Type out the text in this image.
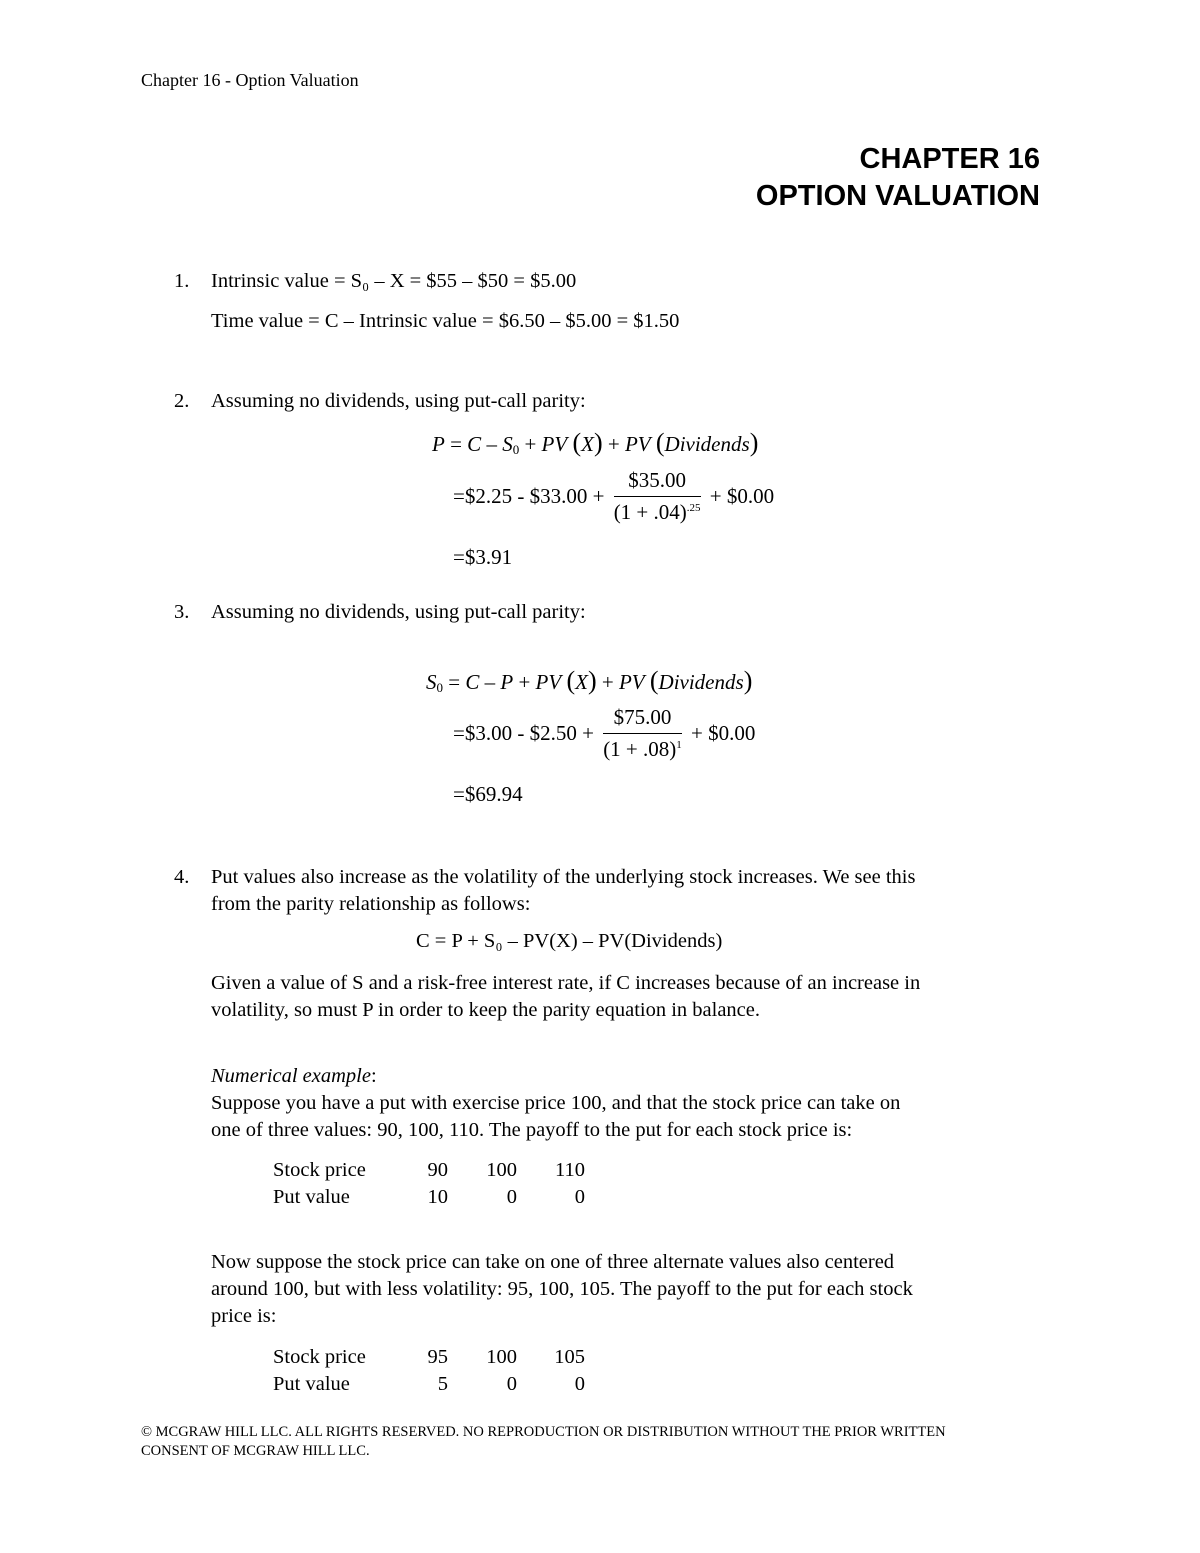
Chapter 16 - Option Valuation
CHAPTER 16
OPTION VALUATION
1. Intrinsic value = S₀ – X = $55 – $50 = $5.00
Time value = C – Intrinsic value = $6.50 – $5.00 = $1.50
2. Assuming no dividends, using put-call parity:
$P = C - S_0$ + PV (X) + PV (Dividends)
=$2.25 - $33.00 + $\frac{\$35.00}{(1 + .04)^{.25}}$ + $0.00
=$3.91
3. Assuming no dividends, using put-call parity:
$S_0 = C - P$ + PV (X) + PV (Dividends)
=$3.00 - $2.50 + $\frac{\$75.00}{(1 + .08)^1}$ + $0.00
=$69.94
4. Put values also increase as the volatility of the underlying stock increases. We see this
from the parity relationship as follows:
C = P + S₀ – PV(X) – PV(Dividends)
Given a value of S and a risk-free interest rate, if C increases because of an increase in
volatility, so must P in order to keep the parity equation in balance.
Numerical example:
Suppose you have a put with exercise price 100, and that the stock price can take on
one of three values: 90, 100, 110. The payoff to the put for each stock price is:
Stock price	90	100	110
Put value	10	0	0
Now suppose the stock price can take on one of three alternate values also centered
around 100, but with less volatility: 95, 100, 105. The payoff to the put for each stock
price is:
Stock price	95	100	105
Put value	5	0	0
© MCGRAW HILL LLC. ALL RIGHTS RESERVED. NO REPRODUCTION OR DISTRIBUTION WITHOUT THE PRIOR WRITTEN
CONSENT OF MCGRAW HILL LLC.
